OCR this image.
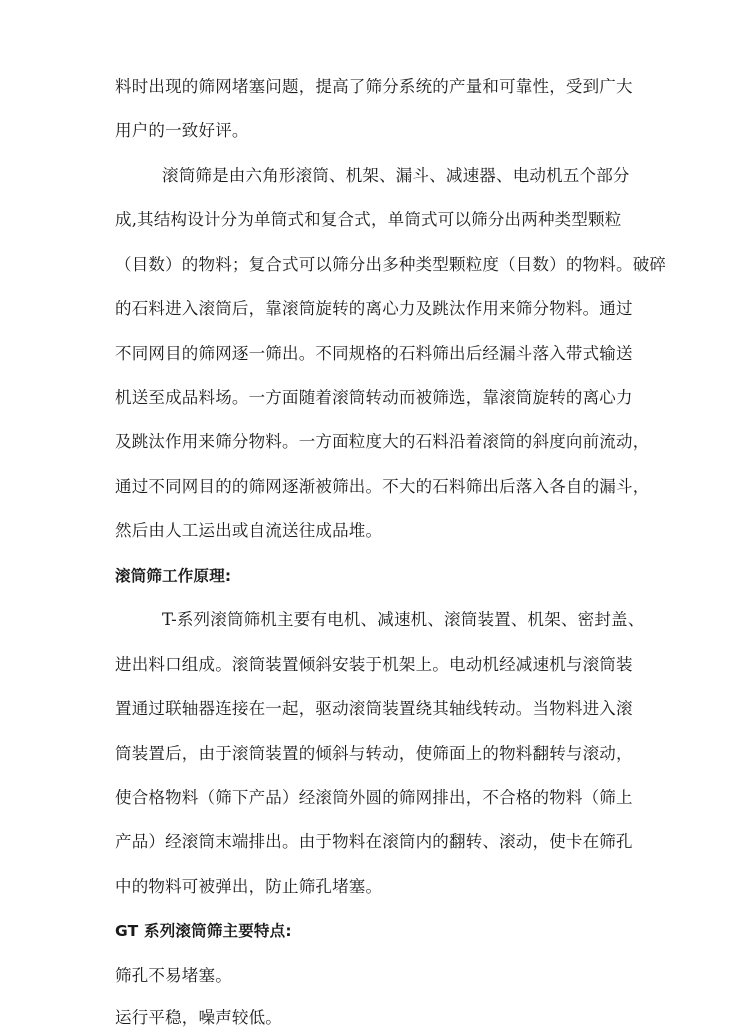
料时出现的筛网堵塞问题，提高了筛分系统的产量和可靠性，受到广大
用户的一致好评。
滚筒筛是由六角形滚筒、机架、漏斗、减速器、电动机五个部分
成,其结构设计分为单筒式和复合式，单筒式可以筛分出两种类型颗粒
（目数）的物料；复合式可以筛分出多种类型颗粒度（目数）的物料。破碎
的石料进入滚筒后，靠滚筒旋转的离心力及跳汰作用来筛分物料。通过
不同网目的筛网逐一筛出。不同规格的石料筛出后经漏斗落入带式输送
机送至成品料场。一方面随着滚筒转动而被筛选，靠滚筒旋转的离心力
及跳汰作用来筛分物料。一方面粒度大的石料沿着滚筒的斜度向前流动，
通过不同网目的的筛网逐渐被筛出。不大的石料筛出后落入各自的漏斗，
然后由人工运出或自流送往成品堆。
滚筒筛工作原理:
T-系列滚筒筛机主要有电机、减速机、滚筒装置、机架、密封盖、
进出料口组成。滚筒装置倾斜安装于机架上。电动机经减速机与滚筒装
置通过联轴器连接在一起，驱动滚筒装置绕其轴线转动。当物料进入滚
筒装置后，由于滚筒装置的倾斜与转动，使筛面上的物料翻转与滚动，
使合格物料（筛下产品）经滚筒外圆的筛网排出，不合格的物料（筛上
产品）经滚筒末端排出。由于物料在滚筒内的翻转、滚动，使卡在筛孔
中的物料可被弹出，防止筛孔堵塞。
GT 系列滚筒筛主要特点:
筛孔不易堵塞。
运行平稳，噪声较低。
